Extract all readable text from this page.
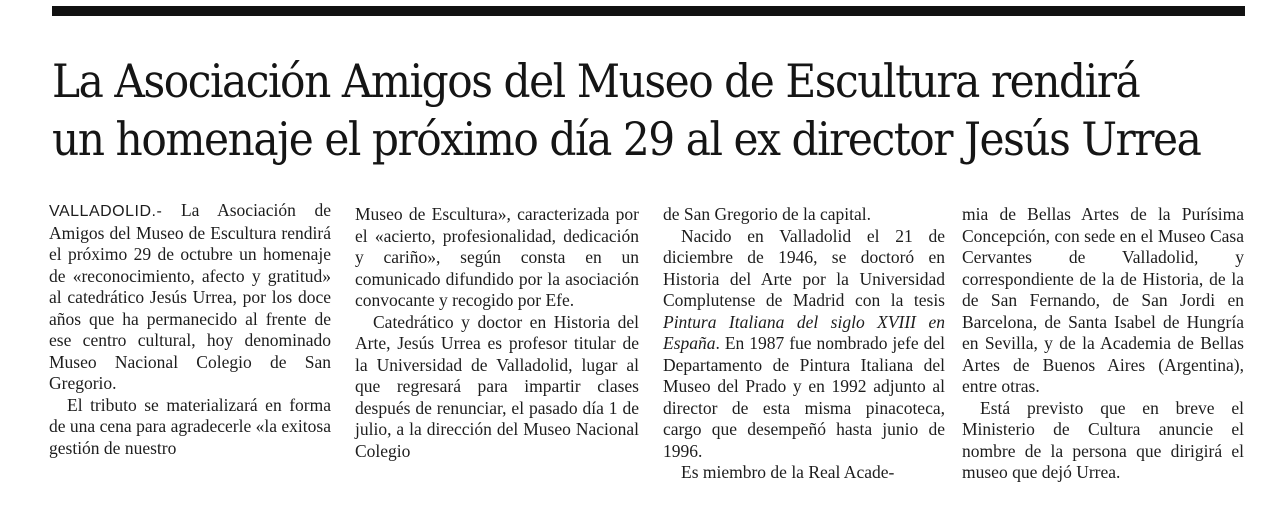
La Asociación Amigos del Museo de Escultura rendirá
un homenaje el próximo día 29 al ex director Jesús Urrea

VALLADOLID.- La Asociación de Amigos del Museo de Escultura rendirá el próximo 29 de octubre un homenaje de «reconocimiento, afecto y gratitud» al catedrático Jesús Urrea, por los doce años que ha permanecido al frente de ese centro cultural, hoy denominado Museo Nacional Colegio de San Gregorio.

El tributo se materializará en forma de una cena para agradecerle «la exitosa gestión de nuestro

Museo de Escultura», caracterizada por el «acierto, profesionalidad, dedicación y cariño», según consta en un comunicado difundido por la asociación convocante y recogido por Efe.

Catedrático y doctor en Historia del Arte, Jesús Urrea es profesor titular de la Universidad de Valladolid, lugar al que regresará para impartir clases después de renunciar, el pasado día 1 de julio, a la dirección del Museo Nacional Colegio

de San Gregorio de la capital.

Nacido en Valladolid el 21 de diciembre de 1946, se doctoró en Historia del Arte por la Universidad Complutense de Madrid con la tesis Pintura Italiana del siglo XVIII en España. En 1987 fue nombrado jefe del Departamento de Pintura Italiana del Museo del Prado y en 1992 adjunto al director de esta misma pinacoteca, cargo que desempeñó hasta junio de 1996.

Es miembro de la Real Acade-

mia de Bellas Artes de la Purísima Concepción, con sede en el Museo Casa Cervantes de Valladolid, y correspondiente de la de Historia, de la de San Fernando, de San Jordi en Barcelona, de Santa Isabel de Hungría en Sevilla, y de la Academia de Bellas Artes de Buenos Aires (Argentina), entre otras.

Está previsto que en breve el Ministerio de Cultura anuncie el nombre de la persona que dirigirá el museo que dejó Urrea.
